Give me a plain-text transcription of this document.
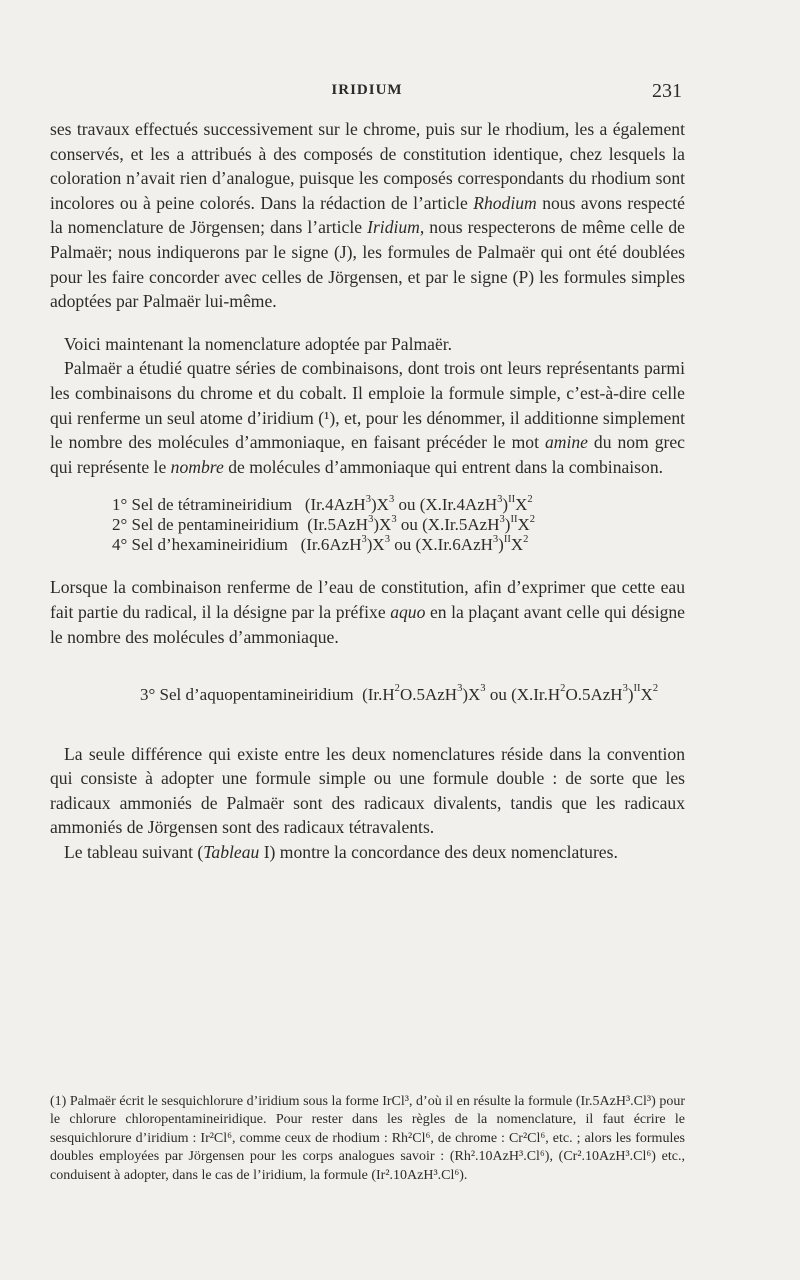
IRIDIUM	231

ses travaux effectués successivement sur le chrome, puis sur le rhodium, les a également conservés, et les a attribués à des composés de constitution identique, chez lesquels la coloration n’avait rien d’analogue, puisque les composés correspondants du rhodium sont incolores ou à peine colorés. Dans la rédaction de l’article Rhodium nous avons respecté la nomenclature de Jörgensen; dans l’article Iridium, nous respecterons de même celle de Palmaër; nous indiquerons par le signe (J), les formules de Palmaër qui ont été doublées pour les faire concorder avec celles de Jörgensen, et par le signe (P) les formules simples adoptées par Palmaër lui-même.

Voici maintenant la nomenclature adoptée par Palmaër.

Palmaër a étudié quatre séries de combinaisons, dont trois ont leurs représentants parmi les combinaisons du chrome et du cobalt. Il emploie la formule simple, c’est-à-dire celle qui renferme un seul atome d’iridium (¹), et, pour les dénommer, il additionne simplement le nombre des molécules d’ammoniaque, en faisant précéder le mot amine du nom grec qui représente le nombre de molécules d’ammoniaque qui entrent dans la combinaison.

1° Sel de tétramineiridium   $(Ir.4AzH^3)X^3$ ou $(X.Ir.4AzH^3)^{II}X^2$

2° Sel de pentamineiridium  $(Ir.5AzH^3)X^3$ ou $(X.Ir.5AzH^3)^{II}X^2$

4° Sel d’hexamineiridium   $(Ir.6AzH^3)X^3$ ou $(X.Ir.6AzH^3)^{II}X^2$

Lorsque la combinaison renferme de l’eau de constitution, afin d’exprimer que cette eau fait partie du radical, il la désigne par la préfixe aquo en la plaçant avant celle qui désigne le nombre des molécules d’ammoniaque.

3° Sel d’aquopentamineiridium  $(Ir.H^2O.5AzH^3)X^3$ ou $(X.Ir.H^2O.5AzH^3)^{II}X^2$

La seule différence qui existe entre les deux nomenclatures réside dans la convention qui consiste à adopter une formule simple ou une formule double : de sorte que les radicaux ammoniés de Palmaër sont des radicaux divalents, tandis que les radicaux ammoniés de Jörgensen sont des radicaux tétravalents.

Le tableau suivant (Tableau I) montre la concordance des deux nomenclatures.

(1) Palmaër écrit le sesquichlorure d’iridium sous la forme IrCl³, d’où il en résulte la formule (Ir.5AzH³.Cl³) pour le chlorure chloropentamineiridique. Pour rester dans les règles de la nomenclature, il faut écrire le sesquichlorure d’iridium : Ir²Cl⁶, comme ceux de rhodium : Rh²Cl⁶, de chrome : Cr²Cl⁶, etc. ; alors les formules doubles employées par Jörgensen pour les corps analogues savoir : (Rh².10AzH³.Cl⁶), (Cr².10AzH³.Cl⁶) etc., conduisent à adopter, dans le cas de l’iridium, la formule (Ir².10AzH³.Cl⁶).
